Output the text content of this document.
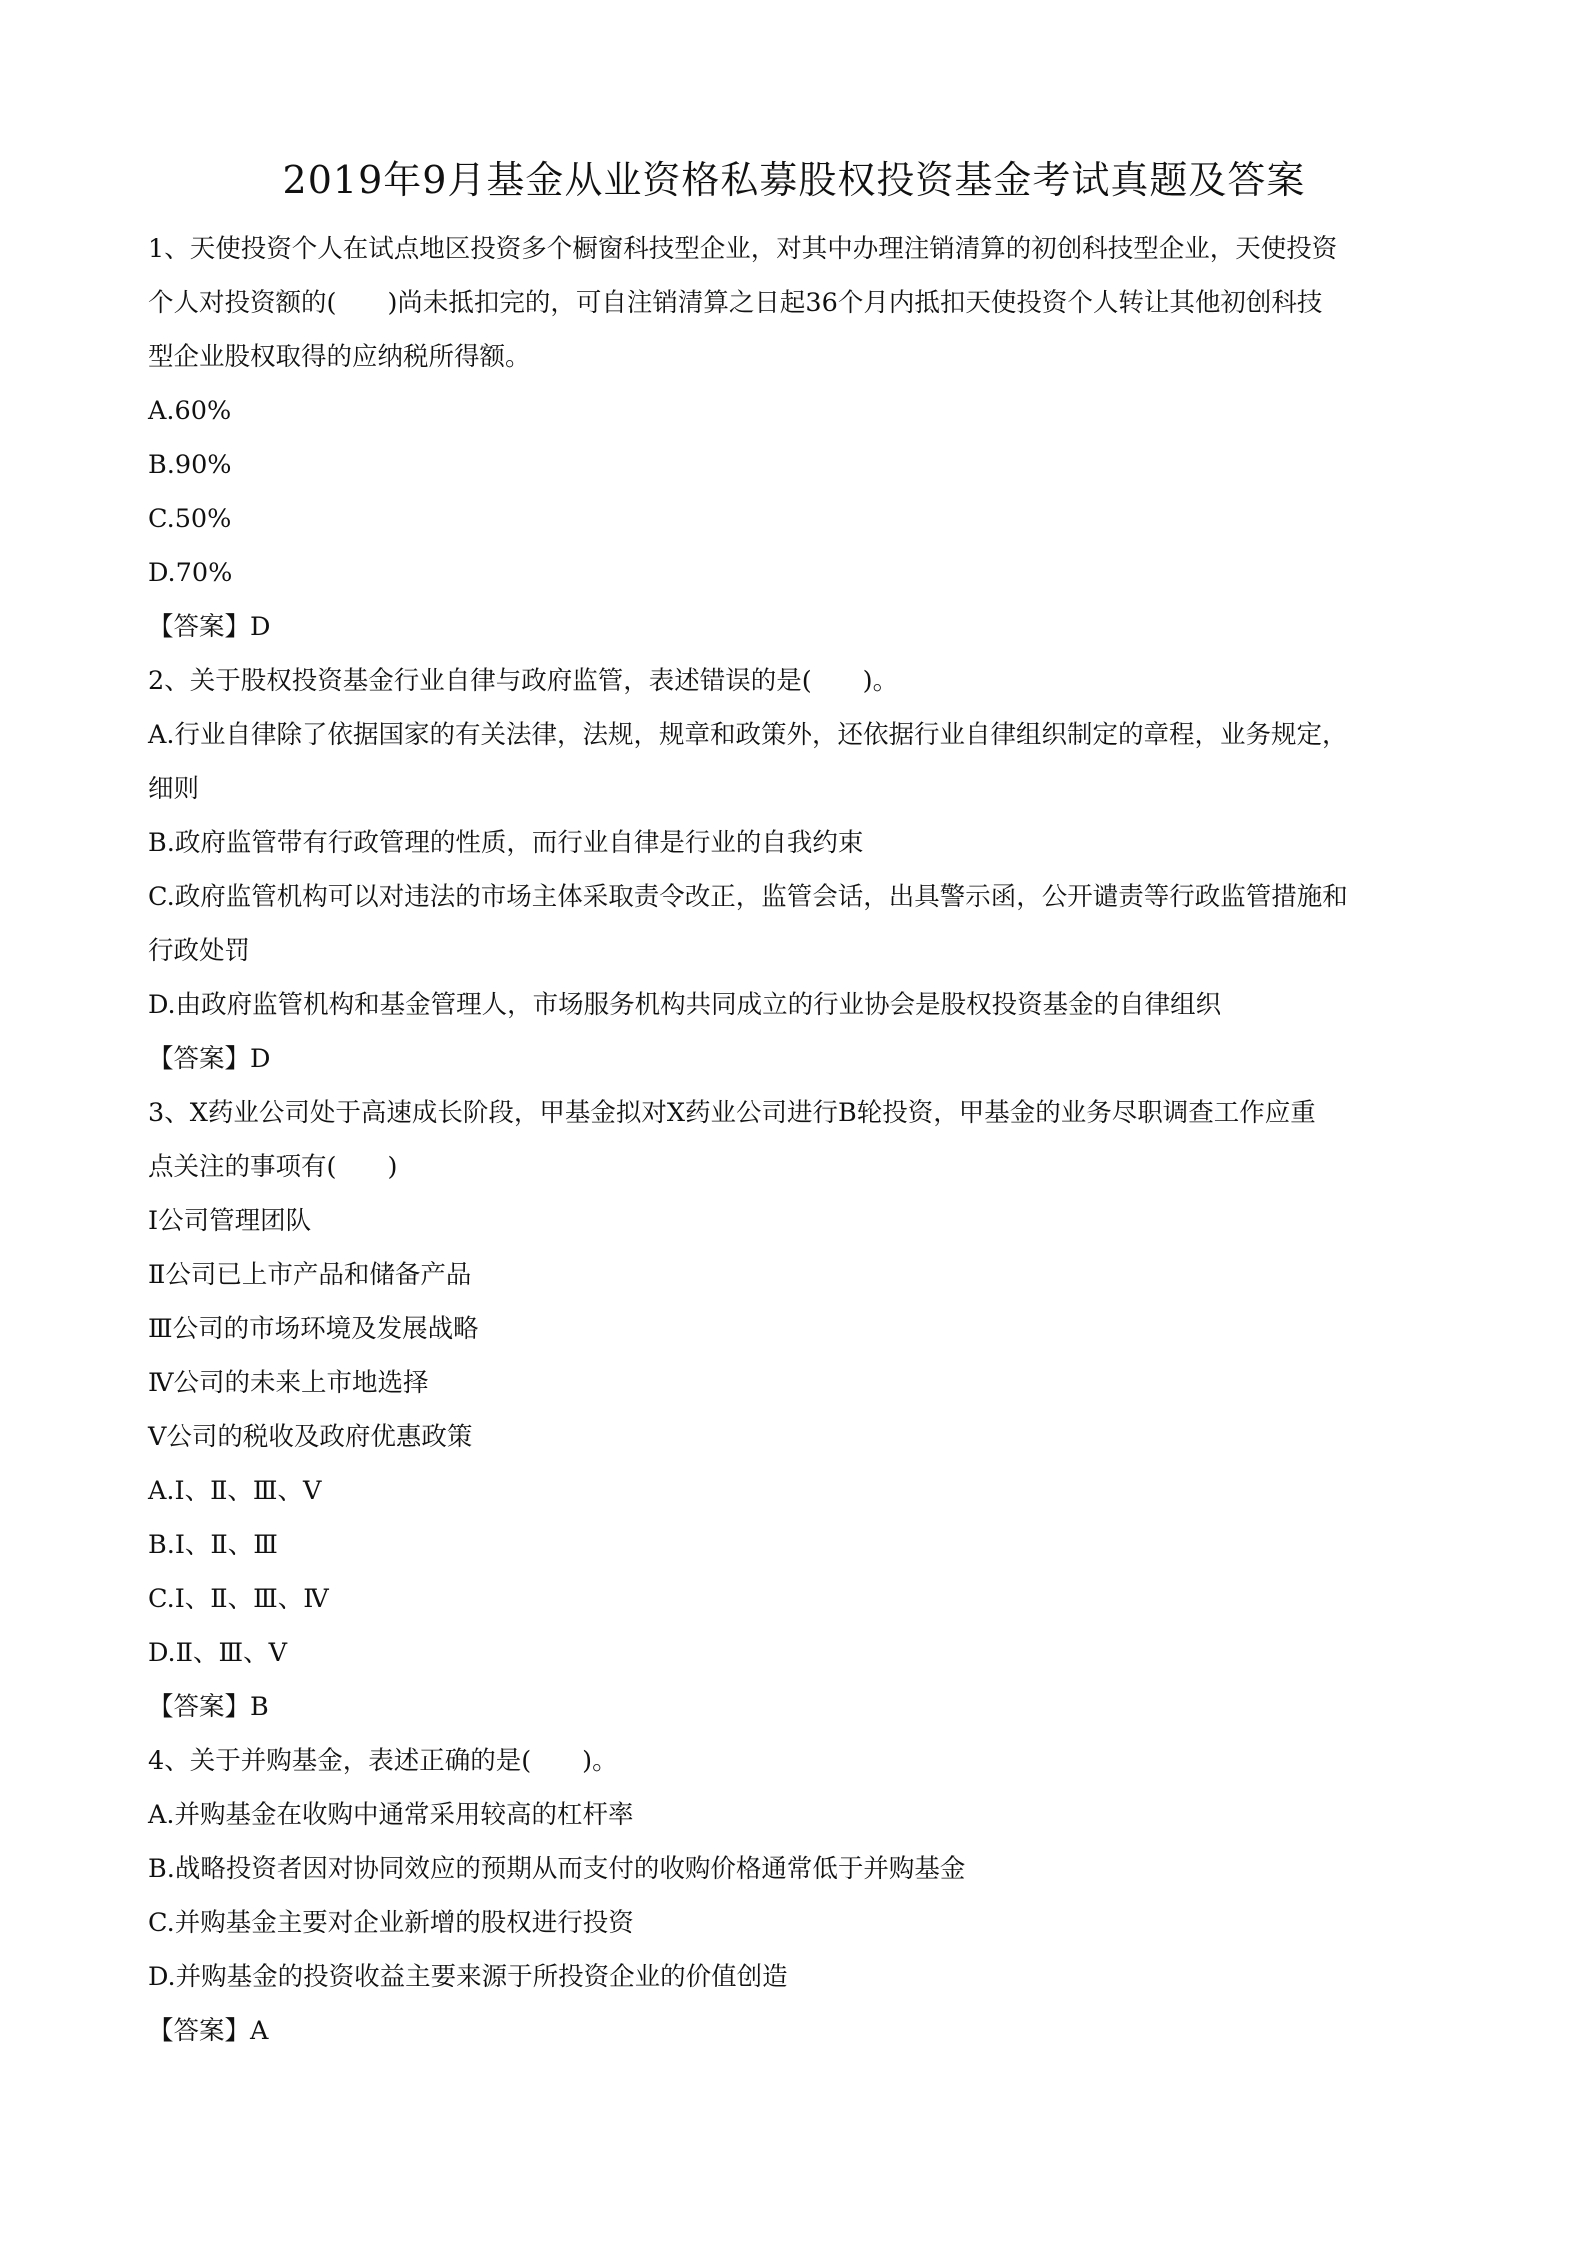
2019年9月基金从业资格私募股权投资基金考试真题及答案
1、天使投资个人在试点地区投资多个橱窗科技型企业，对其中办理注销清算的初创科技型企业，天使投资
个人对投资额的(　　)尚未抵扣完的，可自注销清算之日起36个月内抵扣天使投资个人转让其他初创科技
型企业股权取得的应纳税所得额。
A.60%
B.90%
C.50%
D.70%
【答案】D
2、关于股权投资基金行业自律与政府监管，表述错误的是(　　)。
A.行业自律除了依据国家的有关法律，法规，规章和政策外，还依据行业自律组织制定的章程，业务规定，
细则
B.政府监管带有行政管理的性质，而行业自律是行业的自我约束
C.政府监管机构可以对违法的市场主体采取责令改正，监管会话，出具警示函，公开谴责等行政监管措施和
行政处罚
D.由政府监管机构和基金管理人，市场服务机构共同成立的行业协会是股权投资基金的自律组织
【答案】D
3、X药业公司处于高速成长阶段，甲基金拟对X药业公司进行B轮投资，甲基金的业务尽职调查工作应重
点关注的事项有(　　)
Ⅰ公司管理团队
Ⅱ公司已上市产品和储备产品
Ⅲ公司的市场环境及发展战略
Ⅳ公司的未来上市地选择
Ⅴ公司的税收及政府优惠政策
A.Ⅰ、Ⅱ、Ⅲ、Ⅴ
B.Ⅰ、Ⅱ、Ⅲ
C.Ⅰ、Ⅱ、Ⅲ、Ⅳ
D.Ⅱ、Ⅲ、Ⅴ
【答案】B
4、关于并购基金，表述正确的是(　　)。
A.并购基金在收购中通常采用较高的杠杆率
B.战略投资者因对协同效应的预期从而支付的收购价格通常低于并购基金
C.并购基金主要对企业新增的股权进行投资
D.并购基金的投资收益主要来源于所投资企业的价值创造
【答案】A
